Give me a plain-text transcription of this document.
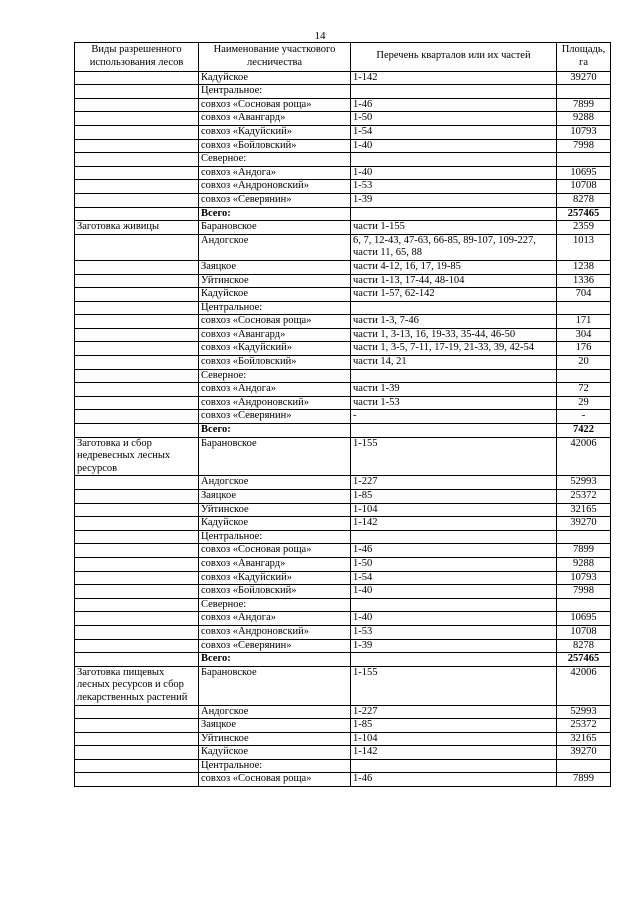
14
Виды разрешенного использования лесов	Наименование участкового лесничества	Перечень кварталов или их частей	Площадь, га
	Кадуйское	1-142	39270
	Центральное:		
	совхоз «Сосновая роща»	1-46	7899
	совхоз «Авангард»	1-50	9288
	совхоз «Кадуйский»	1-54	10793
	совхоз «Бойловский»	1-40	7998
	Северное:		
	совхоз «Андога»	1-40	10695
	совхоз «Андроновский»	1-53	10708
	совхоз «Северянин»	1-39	8278
	Всего:		257465
Заготовка живицы	Барановское	части 1-155	2359
	Андогское	6, 7, 12-43, 47-63, 66-85, 89-107, 109-227, части 11, 65, 88	1013
	Заяцкое	части 4-12, 16, 17, 19-85	1238
	Уйтинское	части 1-13, 17-44, 48-104	1336
	Кадуйское	части 1-57, 62-142	704
	Центральное:		
	совхоз «Сосновая роща»	части 1-3, 7-46	171
	совхоз «Авангард»	части 1, 3-13, 16, 19-33, 35-44, 46-50	304
	совхоз «Кадуйский»	части 1, 3-5, 7-11, 17-19, 21-33, 39, 42-54	176
	совхоз «Бойловский»	части 14, 21	20
	Северное:		
	совхоз «Андога»	части 1-39	72
	совхоз «Андроновский»	части 1-53	29
	совхоз «Северянин»	-	-
	Всего:		7422
Заготовка и сбор недревесных лесных ресурсов	Барановское	1-155	42006
	Андогское	1-227	52993
	Заяцкое	1-85	25372
	Уйтинское	1-104	32165
	Кадуйское	1-142	39270
	Центральное:		
	совхоз «Сосновая роща»	1-46	7899
	совхоз «Авангард»	1-50	9288
	совхоз «Кадуйский»	1-54	10793
	совхоз «Бойловский»	1-40	7998
	Северное:		
	совхоз «Андога»	1-40	10695
	совхоз «Андроновский»	1-53	10708
	совхоз «Северянин»	1-39	8278
	Всего:		257465
Заготовка пищевых лесных ресурсов и сбор лекарственных растений	Барановское	1-155	42006
	Андогское	1-227	52993
	Заяцкое	1-85	25372
	Уйтинское	1-104	32165
	Кадуйское	1-142	39270
	Центральное:		
	совхоз «Сосновая роща»	1-46	7899
